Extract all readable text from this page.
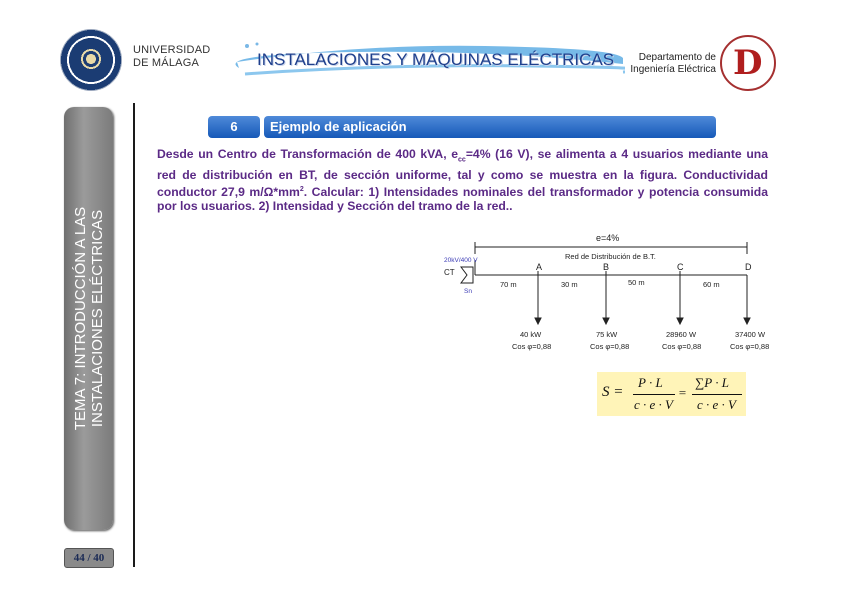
UNIVERSIDAD
DE MÁLAGA	INSTALACIONES Y MÁQUINAS ELÉCTRICAS	Departamento de
Ingeniería Eléctrica D
TEMA 7: INTRODUCCIÓN A LAS INSTALACIONES ELÉCTRICAS
44 / 40
6	Ejemplo de aplicación
Desde un Centro de Transformación de 400 kVA, $e_{cc}=4\%$ (16 V), se alimenta a 4 usuarios mediante una red de distribución en BT, de sección uniforme, tal y como se muestra en la figura. Conductividad conductor 27,9 $m/\Omega*mm^2$. Calcular: 1) Intensidades nominales del transformador y potencia consumida por los usuarios. 2) Intensidad y Sección del tramo de la red..
e=4%
Red de Distribución de B.T.
20kV/400 V
CT
Sn
A	B	C	D
70 m	30 m	50 m	60 m
40 kW
Cos φ=0,88
75 kW
Cos φ=0,88
28960 W
Cos φ=0,88
37400 W
Cos φ=0,88
S =
P · L
c · e · V
=
∑P · L
c · e · V
